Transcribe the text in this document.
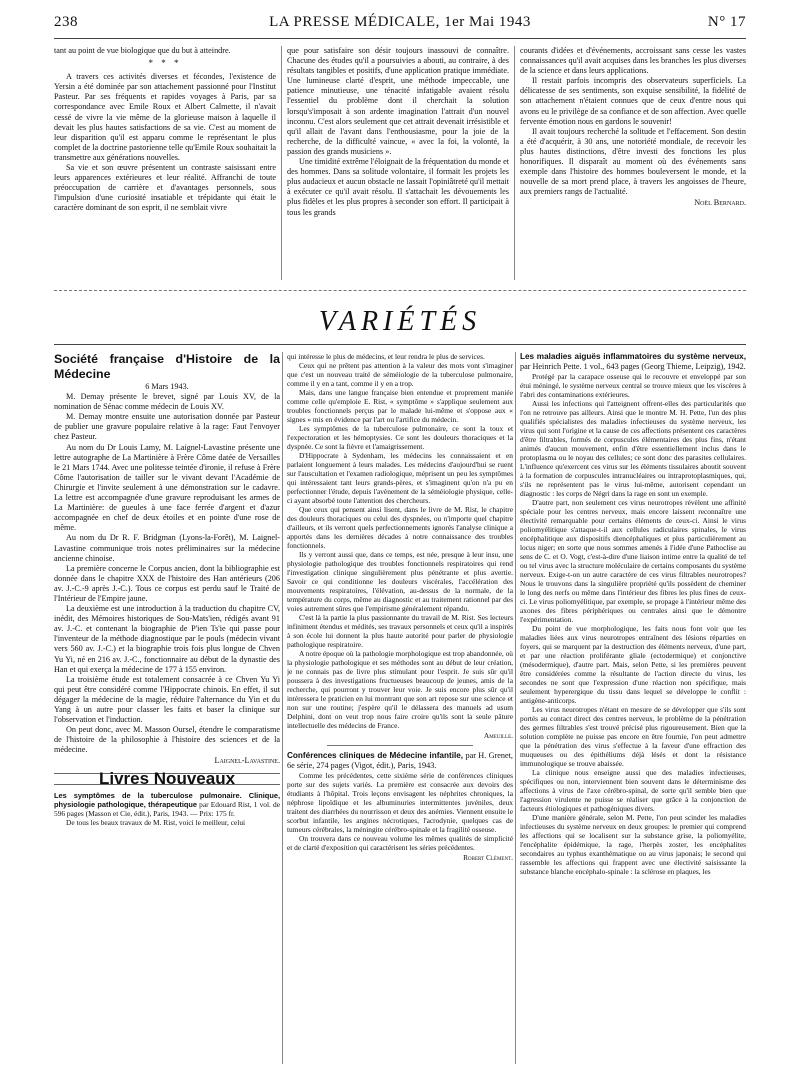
238	LA PRESSE MÉDICALE, 1er Mai 1943	N° 17

tant au point de vue biologique que du but à atteindre.

* * *

A travers ces activités diverses et fécondes, l'existence de Yersin a été dominée par son attachement passionné pour l'Institut Pasteur. Par ses fréquents et rapides voyages à Paris, par sa correspondance avec Emile Roux et Albert Calmette, il n'avait cessé de vivre la vie même de la glorieuse maison à laquelle il devait les plus hautes satisfactions de sa vie. C'est au moment de leur disparition qu'il est apparu comme le représentant le plus complet de la doctrine pastorienne telle qu'Emile Roux souhaitait la transmettre aux générations nouvelles.

Sa vie et son œuvre présentent un contraste saisissant entre leurs apparences extérieures et leur réalité. Affranchi de toute préoccupation de carrière et d'avantages personnels, sous l'impulsion d'une curiosité insatiable et trépidante qui était le caractère dominant de son esprit, il ne semblait vivre

que pour satisfaire son désir toujours inassouvi de connaître. Chacune des études qu'il a poursuivies a abouti, au contraire, à des résultats tangibles et positifs, d'une application pratique immédiate. Une lumineuse clarté d'esprit, une méthode impeccable, une patience minutieuse, une ténacité infatigable avaient résolu l'essentiel du problème dont il cherchait la solution lorsqu's'imposait à son ardente imagination l'attrait d'un nouvel inconnu. C'est alors seulement que cet attrait devenait irrésistible et qu'il allait de l'avant dans l'enthousiasme, pour la joie de la recherche, de la difficulté vaincue, « avec la foi, la volonté, la passion des grands musiciens ».

Une timidité extrême l'éloignait de la fréquentation du monde et des hommes. Dans sa solitude volontaire, il formait les projets les plus audacieux et aucun obstacle ne lassait l'opiniâtreté qu'il mettait à exécuter ce qu'il avait résolu. Il s'attachait les dévouements les plus fidèles et les plus propres à seconder son effort. Il participait à tous les grands

courants d'idées et d'événements, accroissant sans cesse les vastes connaissances qu'il avait acquises dans les branches les plus diverses de la science et dans leurs applications.

Il restait parfois incompris des observateurs superficiels. La délicatesse de ses sentiments, son exquise sensibilité, la fidélité de son attachement n'étaient connues que de ceux d'entre nous qui avons eu le privilège de sa confiance et de son affection. Avec quelle fervente émotion nous en gardons le souvenir!

Il avait toujours recherché la solitude et l'effacement. Son destin a été d'acquérir, à 30 ans, une notoriété mondiale, de recevoir les plus hautes distinctions, d'être investi des fonctions les plus honorifiques. Il disparaît au moment où des événements sans exemple dans l'histoire des hommes bouleversent le monde, et la nouvelle de sa mort prend place, à travers les angoisses de l'heure, aux premiers rangs de l'actualité.

Noël Bernard.
VARIÉTÉS

Société française d'Histoire de la Médecine

6 Mars 1943.

M. Demay présente le brevet, signé par Louis XV, de la nomination de Sénac comme médecin de Louis XV.

M. Demay montre ensuite une autorisation donnée par Pasteur de publier une gravure populaire relative à la rage: Faut l'envoyer chez Pasteur.

Au nom du Dr Louis Lamy, M. Laignel-Lavastine présente une lettre autographe de La Martinière à Frère Côme datée de Versailles le 21 Mars 1744. Avec une politesse teintée d'ironie, il refuse à Frère Côme l'autorisation de tailler sur le vivant devant l'Académie de Chirurgie et l'invite seulement à une démonstration sur le cadavre. La lettre est accompagnée d'une gravure reproduisant les armes de La Martinière: de gueules à une face ferrée d'argent et d'azur accompagnée en chef de deux étoiles et en pointe d'une rose de même.

Au nom du Dr R. F. Bridgman (Lyons-la-Forêt), M. Laignel-Lavastine communique trois notes préliminaires sur la médecine ancienne chinoise.

La première concerne le Corpus ancien, dont la bibliographie est donnée dans le chapitre XXX de l'histoire des Han antérieurs (206 av. J.-C.-9 après J.-C.). Tous ce corpus est perdu sauf le Traité de l'Intérieur de l'Empire jaune.

La deuxième est une introduction à la traduction du chapitre CV, inédit, des Mémoires historiques de Sou-Mats'ien, rédigés avant 91 av. J.-C. et contenant la biographie de P'ien Ts'ie qui passe pour l'inventeur de la méthode diagnostique par le pouls (médecin vivant vers 560 av. J.-C.) et la biographie trois fois plus longue de Chven Yu Yi, né en 216 av. J.-C., fonctionnaire au début de la dynastie des Han et qui exerça la médecine de 177 à 155 environ.

La troisième étude est totalement consacrée à ce Chven Yu Yi qui peut être considéré comme l'Hippocrate chinois. En effet, il sut dégager la médecine de la magie, réduire l'alternance du Yin et du Yang à un autre pour classer les faits et baser la clinique sur l'observation et l'induction.

On peut donc, avec M. Masson Oursel, étendre le comparatisme de l'histoire de la philosophie à l'histoire des sciences et de la médecine.

Laignel-Lavastine.

Livres Nouveaux

Les symptômes de la tuberculose pulmonaire. Clinique, physiologie pathologique, thérapeutique par Edouard Rist, 1 vol. de 596 pages (Masson et Cie, édit.), Paris, 1943. — Prix: 175 fr.

De tous les beaux travaux de M. Rist, voici le meilleur, celui

qui intéresse le plus de médecins, et leur rendra le plus de services.

Ceux qui ne prêtent pas attention à la valeur des mots vont s'imaginer que c'est un nouveau traité de séméiologie de la tuberculose pulmonaire, comme il y en a tant, comme il y en a trop.

Mais, dans une langue française bien entendue et proprement maniée comme celle qu'emploie E. Rist, « symptôme » s'applique seulement aux troubles fonctionnels perçus par le malade lui-même et s'oppose aux « signes » mis en évidence par l'art ou l'artifice du médecin.

Les symptômes de la tuberculose pulmonaire, ce sont la toux et l'expectoration et les hémoptysies. Ce sont les douleurs thoraciques et la dyspnée. Ce sont la fièvre et l'amaigrissement.

D'Hippocrate à Sydenham, les médecins les connaissaient et en parlaient longuement à leurs malades. Les médecins d'aujourd'hui se ruent sur l'auscultation et l'examen radiologique, méprisent un peu les symptômes qui intéressaient tant leurs grands-pères, et s'imaginent qu'on n'a pu en perfectionner l'étude, depuis l'avènement de la séméiologie physique, celle-ci ayant absorbé toute l'attention des chercheurs.

Que ceux qui pensent ainsi lisent, dans le livre de M. Rist, le chapitre des douleurs thoraciques ou celui des dyspnées, ou n'importe quel chapitre d'ailleurs, et ils verront quels perfectionnements ignorés l'analyse clinique a apportés dans les dernières décades à notre connaissance des troubles fonctionnels.

Ils y verront aussi que, dans ce temps, est née, presque à leur insu, une physiologie pathologique des troubles fonctionnels respiratoires qui rend l'investigation clinique singulièrement plus pénétrante et plus avertie. Savoir ce qui conditionne les douleurs viscérales, l'accélération des mouvements respiratoires, l'élévation, au-dessus de la normale, de la température du corps, même au diagnostic et au traitement rationnel par des voies autrement sûres que l'empirisme généralement répandu.

C'est là la partie la plus passionnante du travail de M. Rist. Ses lecteurs infiniment étendus et médités, ses travaux personnels et ceux qu'il a inspirés à son école lui donnent la plus haute autorité pour parler de physiologie pathologique respiratoire.

A notre époque où la pathologie morphologique est trop abandonnée, où la physiologie pathologique et ses méthodes sont au début de leur création, je ne connais pas de livre plus stimulant pour l'esprit. Je suis sûr qu'il poussera à des investigations fructueuses beaucoup de jeunes, amis de la recherche, qui pourront y trouver leur voie. Je suis encore plus sûr qu'il intéressera le praticien en lui montrant que son art repose sur une science et non sur une routine; j'espère qu'il le délassera des manuels ad usum Delphini, dont on veut trop nous faire croire qu'ils sont la seule pâture intellectuelle des médecins de France.

Ameuille.

Conférences cliniques de Médecine infantile, par H. Grenet, 6e série, 274 pages (Vigot, édit.), Paris, 1943.

Comme les précédentes, cette sixième série de conférences cliniques porte sur des sujets variés. La première est consacrée aux devoirs des étudiants à l'hôpital. Trois leçons envisagent les néphrites chroniques, la néphrose lipoïdique et les albuminuries intermittentes juvéniles, deux traitent des diarrhées du nourrisson et deux des anémies. Viennent ensuite le scorbut infantile, les angines nécrotiques, l'acrodynie, quelques cas de tumeurs cérébrales, la méningite cérébro-spinale et la fragilité osseuse.

On trouvera dans ce nouveau volume les mêmes qualités de simplicité et de clarté d'exposition qui caractérisent les séries précédentes.

Robert Clément.

Les maladies aiguës inflammatoires du système nerveux, par Heinrich Pette. 1 vol., 643 pages (Georg Thieme, Leipzig), 1942.

Protégé par la carapace osseuse qui le recouvre et enveloppé par son étui méningé, le système nerveux central se trouve mieux que les viscères à l'abri des contaminations extérieures.

Aussi les infections qui l'atteignent offrent-elles des particularités que l'on ne retrouve pas ailleurs. Ainsi que le montre M. H. Pette, l'un des plus qualifiés spécialistes des maladies infectieuses du système nerveux, les virus qui sont l'origine et la cause de ces affections présentent ces caractères d'être filtrables, formés de corpuscules élémentaires des plus fins, n'étant animés d'aucun mouvement, enfin d'être essentiellement inclus dans le protoplasma ou le noyau des cellules; ce sont donc des parasites cellulaires. L'influence qu'exercent ces virus sur les éléments tissulaires aboutit souvent à la formation de corpuscules intranucléaires ou intraprotoplasmiques, qui, s'ils ne représentent pas le virus lui-même, autorisent cependant un diagnostic : les corps de Négri dans la rage en sont un exemple.

D'autre part, non seulement ces virus neurotropes révèlent une affinité spéciale pour les centres nerveux, mais encore laissent reconnaître une électivité remarquable pour certains éléments de ceux-ci. Ainsi le virus poliomyélitique s'attaque-t-il aux cellules radiculaires spinales, le virus encéphalitique aux dispositifs diencéphaliques et plus particulièrement au locus niger; en sorte que nous sommes amenés à l'idée d'une Pathoclise au sens de C. et O. Vogt, c'est-à-dire d'une liaison intime entre la qualité de tel ou tel virus avec la structure moléculaire de certains composants du système nerveux. Exige-t-on un autre caractère de ces virus filtrables neurotropes? Nous le trouvons dans la singulière propriété qu'ils possèdent de cheminer le long des nerfs ou même dans l'intérieur des fibres les plus fines de ceux-ci. Le virus poliomyélitique, par exemple, se propage à l'intérieur même des axones des fibres périphériques ou centrales ainsi que le démontre l'expérimentation.

Du point de vue morphologique, les faits nous font voir que les maladies liées aux virus neurotropes entraînent des lésions réparties en foyers, qui se marquent par la destruction des éléments nerveux, d'une part, et par une réaction proliférante gliale (ectodermique) et conjonctive (mésodermique), d'autre part. Mais, selon Pette, si les premières peuvent être considérées comme la résultante de l'action directe du virus, les secondes ne sont que l'expression d'une réaction non spécifique, mais seulement hyperergique du tissu dans lequel se développe le conflit : antigène-anticorps.

Les virus neurotropes n'étant en mesure de se développer que s'ils sont portés au contact direct des centres nerveux, le problème de la pénétration des germes filtrables s'est trouvé précisé plus rigoureusement. Bien que la solution complète ne puisse pas encore en être fournie, l'on peut admettre que la pénétration des virus s'effectue à la faveur d'une effraction des muqueuses ou des épithéliums déjà lésés et dont la résistance immunologique se trouve abaissée.

La clinique nous enseigne aussi que des maladies infectieuses, spécifiques ou non, interviennent bien souvent dans le déterminisme des affections à virus de l'axe cérébro-spinal, de sorte qu'il semble bien que l'agression virulente ne puisse se réaliser que grâce à la conjonction de facteurs étiologiques et pathogéniques divers.

D'une manière générale, selon M. Pette, l'on peut scinder les maladies infectieuses du système nerveux en deux groupes: le premier qui comprend les affections qui se localisent sur la substance grise, la poliomyélite, l'encéphalite épidémique, la rage, l'herpès zoster, les encéphalites secondaires au typhus exanthématique ou au virus japonais; le second qui rassemble les affections qui frappent avec une électivité saisissante la substance blanche encéphalo-spinale : la sclérose en plaques, les
